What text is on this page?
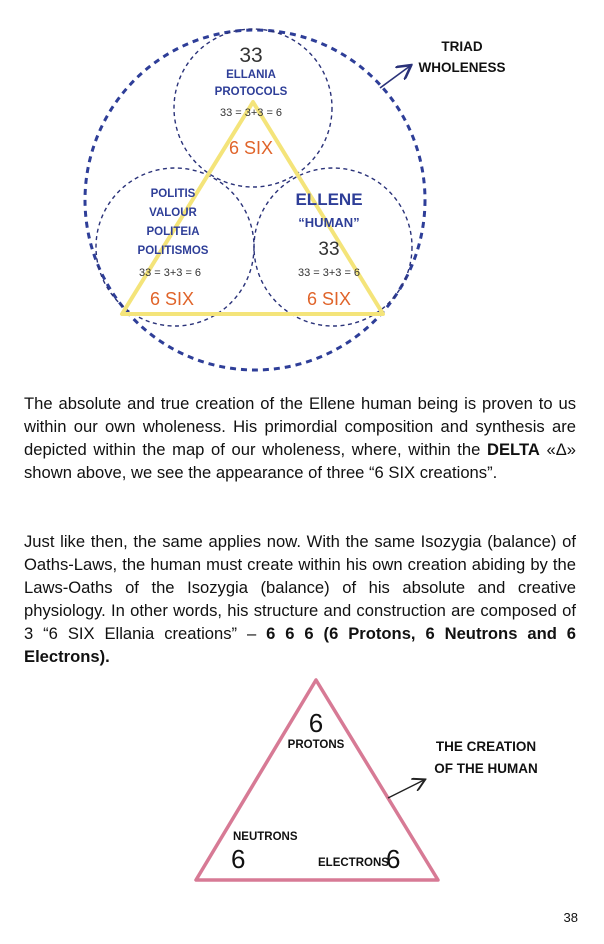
TRIAD
WHOLENESS
33
ELLANIA
PROTOCOLS
33 = 3+3 = 6
6 SIX
POLITIS
VALOUR
POLITEIA
POLITISMOS
33 = 3+3 = 6
6 SIX
ELLENE
“HUMAN”
33
33 = 3+3 = 6
6 SIX

The absolute and true creation of the Ellene human being is proven to us within our own wholeness. His primordial composition and synthesis are depicted within the map of our wholeness, where, within the DELTA «Δ» shown above, we see the appearance of three “6 SIX creations”.

Just like then, the same applies now. With the same Isozygia (balance) of Oaths-Laws, the human must create within his own creation abiding by the Laws-Oaths of the Isozygia (balance) of his absolute and creative physiology. In other words, his structure and construction are composed of 3 “6 SIX Ellania creations” – 6 6 6 (6 Protons, 6 Neutrons and 6 Electrons).

6
PROTONS	THE CREATION
OF THE HUMAN
NEUTRONS
6	ELECTRONS
6
38
